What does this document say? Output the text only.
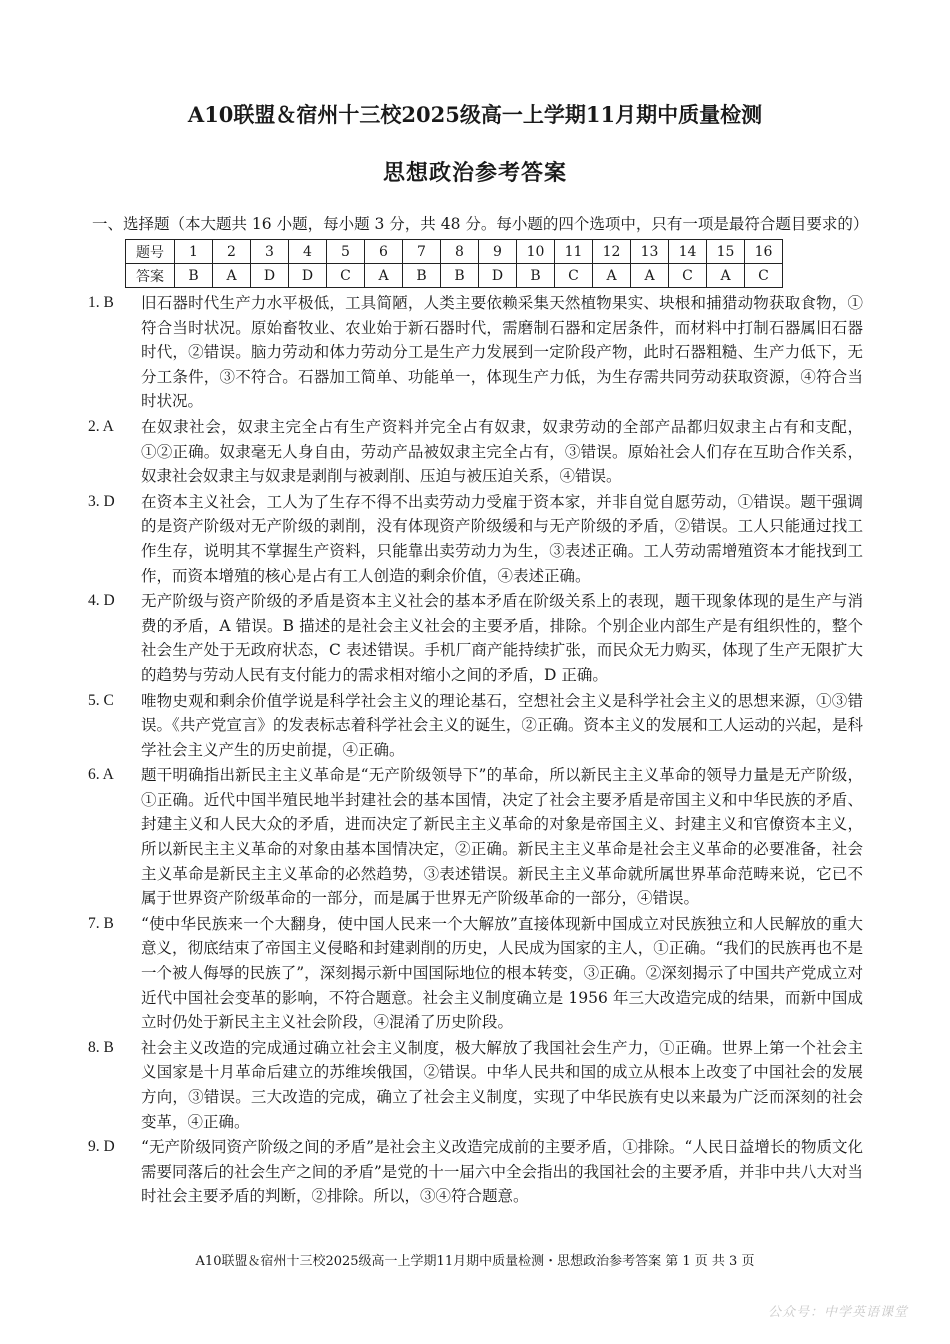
A10联盟＆宿州十三校2025级高一上学期11月期中质量检测
思想政治参考答案
一、选择题（本大题共 16 小题，每小题 3 分，共 48 分。每小题的四个选项中，只有一项是最符合题目要求的）
题号	1	2	3	4	5	6	7	8	9	10	11	12	13	14	15	16
答案	B	A	D	D	C	A	B	B	D	B	C	A	A	C	A	C
1. B	旧石器时代生产力水平极低，工具简陋，人类主要依赖采集天然植物果实、块根和捕猎动物获取食物，①符合当时状况。原始畜牧业、农业始于新石器时代，需磨制石器和定居条件，而材料中打制石器属旧石器时代，②错误。脑力劳动和体力劳动分工是生产力发展到一定阶段产物，此时石器粗糙、生产力低下，无分工条件，③不符合。石器加工简单、功能单一，体现生产力低，为生存需共同劳动获取资源，④符合当时状况。
2. A	在奴隶社会，奴隶主完全占有生产资料并完全占有奴隶，奴隶劳动的全部产品都归奴隶主占有和支配，①②正确。奴隶毫无人身自由，劳动产品被奴隶主完全占有，③错误。原始社会人们存在互助合作关系，奴隶社会奴隶主与奴隶是剥削与被剥削、压迫与被压迫关系，④错误。
3. D	在资本主义社会，工人为了生存不得不出卖劳动力受雇于资本家，并非自觉自愿劳动，①错误。题干强调的是资产阶级对无产阶级的剥削，没有体现资产阶级缓和与无产阶级的矛盾，②错误。工人只能通过找工作生存，说明其不掌握生产资料，只能靠出卖劳动力为生，③表述正确。工人劳动需增殖资本才能找到工作，而资本增殖的核心是占有工人创造的剩余价值，④表述正确。
4. D	无产阶级与资产阶级的矛盾是资本主义社会的基本矛盾在阶级关系上的表现，题干现象体现的是生产与消费的矛盾，A 错误。B 描述的是社会主义社会的主要矛盾，排除。个别企业内部生产是有组织性的，整个社会生产处于无政府状态，C 表述错误。手机厂商产能持续扩张，而民众无力购买，体现了生产无限扩大的趋势与劳动人民有支付能力的需求相对缩小之间的矛盾，D 正确。
5. C	唯物史观和剩余价值学说是科学社会主义的理论基石，空想社会主义是科学社会主义的思想来源，①③错误。《共产党宣言》的发表标志着科学社会主义的诞生，②正确。资本主义的发展和工人运动的兴起，是科学社会主义产生的历史前提，④正确。
6. A	题干明确指出新民主主义革命是“无产阶级领导下”的革命，所以新民主主义革命的领导力量是无产阶级，①正确。近代中国半殖民地半封建社会的基本国情，决定了社会主要矛盾是帝国主义和中华民族的矛盾、封建主义和人民大众的矛盾，进而决定了新民主主义革命的对象是帝国主义、封建主义和官僚资本主义，所以新民主主义革命的对象由基本国情决定，②正确。新民主主义革命是社会主义革命的必要准备，社会主义革命是新民主主义革命的必然趋势，③表述错误。新民主主义革命就所属世界革命范畴来说，它已不属于世界资产阶级革命的一部分，而是属于世界无产阶级革命的一部分，④错误。
7. B	“使中华民族来一个大翻身，使中国人民来一个大解放”直接体现新中国成立对民族独立和人民解放的重大意义，彻底结束了帝国主义侵略和封建剥削的历史，人民成为国家的主人，①正确。“我们的民族再也不是一个被人侮辱的民族了”，深刻揭示新中国国际地位的根本转变，③正确。②深刻揭示了中国共产党成立对近代中国社会变革的影响，不符合题意。社会主义制度确立是 1956 年三大改造完成的结果，而新中国成立时仍处于新民主主义社会阶段，④混淆了历史阶段。
8. B	社会主义改造的完成通过确立社会主义制度，极大解放了我国社会生产力，①正确。世界上第一个社会主义国家是十月革命后建立的苏维埃俄国，②错误。中华人民共和国的成立从根本上改变了中国社会的发展方向，③错误。三大改造的完成，确立了社会主义制度，实现了中华民族有史以来最为广泛而深刻的社会变革，④正确。
9. D	“无产阶级同资产阶级之间的矛盾”是社会主义改造完成前的主要矛盾，①排除。“人民日益增长的物质文化需要同落后的社会生产之间的矛盾”是党的十一届六中全会指出的我国社会的主要矛盾，并非中共八大对当时社会主要矛盾的判断，②排除。所以，③④符合题意。
A10联盟＆宿州十三校2025级高一上学期11月期中质量检测・思想政治参考答案 第 1 页 共 3 页
公众号：中学英语课堂
